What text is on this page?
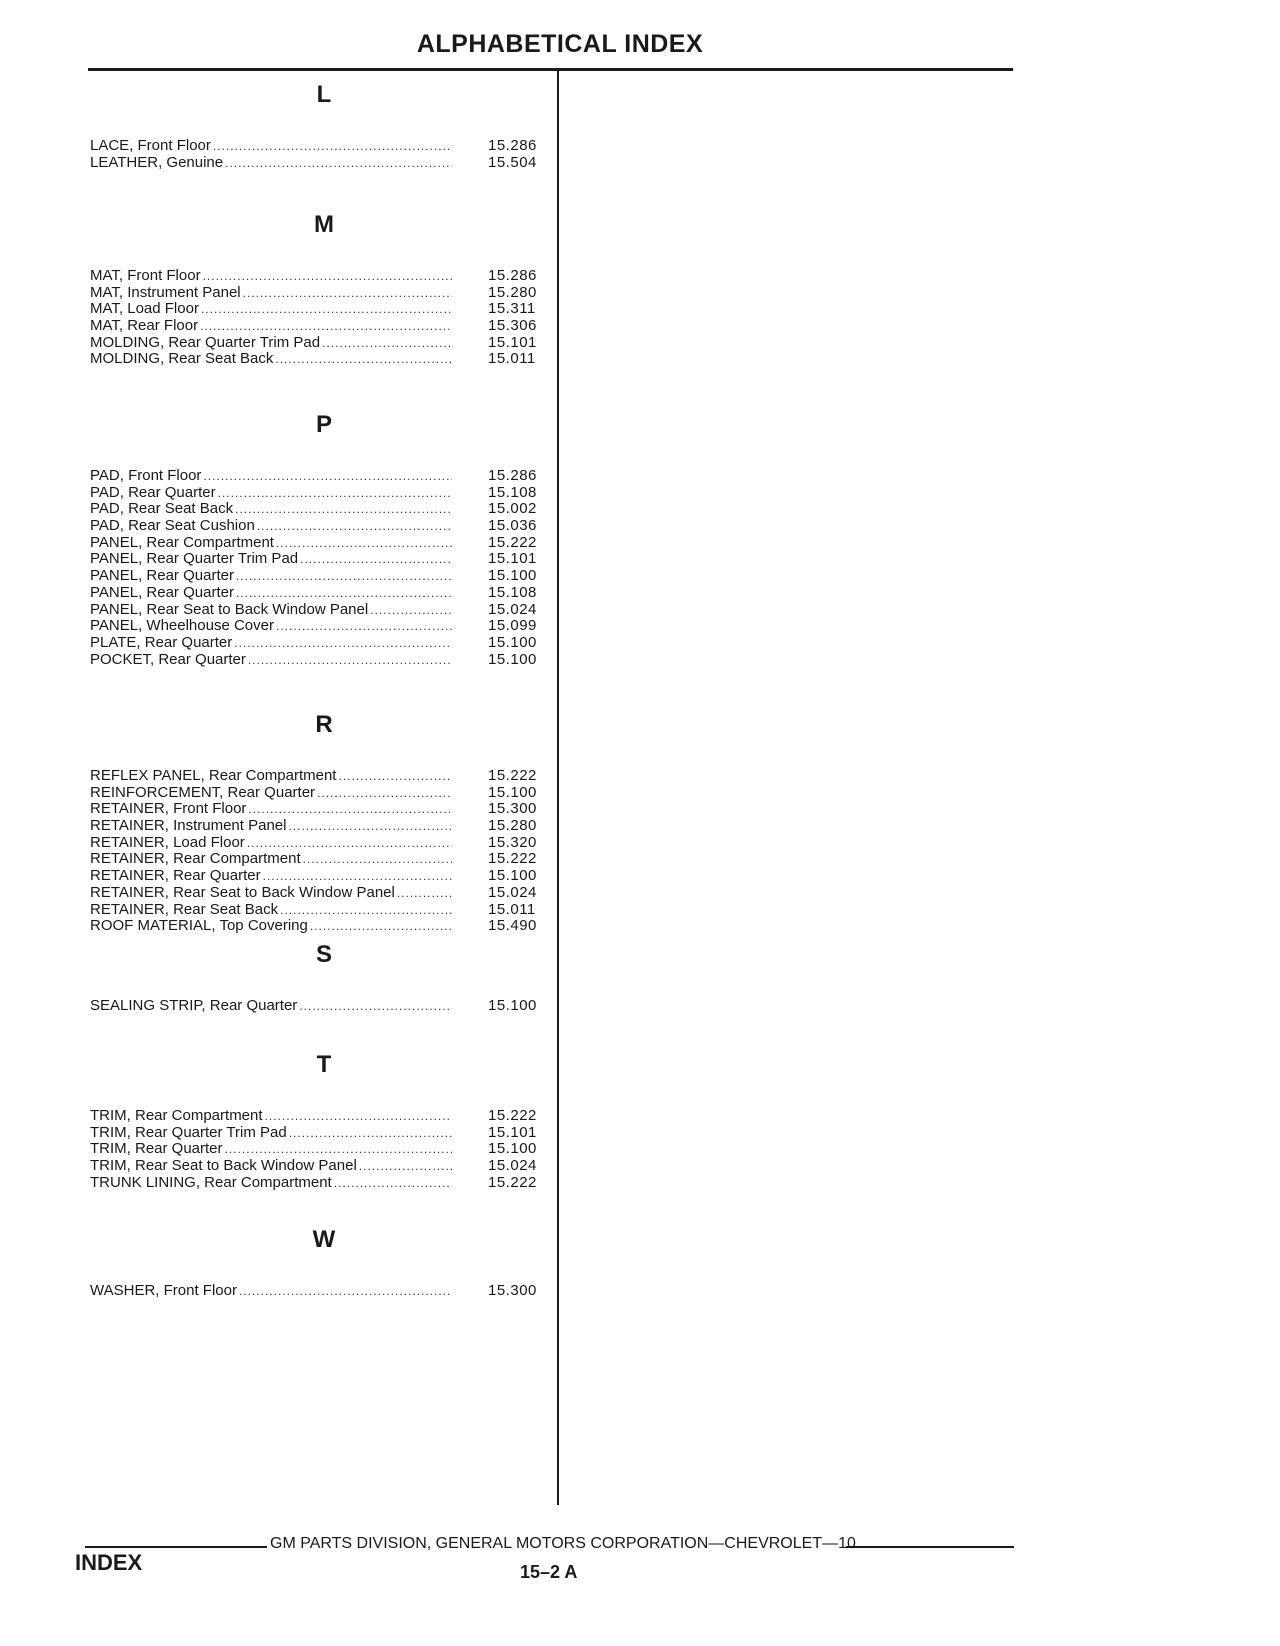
ALPHABETICAL INDEX
L
LACE, Front Floor .....	15.286
LEATHER, Genuine .....	15.504
M
MAT, Front Floor .....	15.286
MAT, Instrument Panel .....	15.280
MAT, Load Floor .....	15.311
MAT, Rear Floor .....	15.306
MOLDING, Rear Quarter Trim Pad .....	15.101
MOLDING, Rear Seat Back .....	15.011
P
PAD, Front Floor .....	15.286
PAD, Rear Quarter .....	15.108
PAD, Rear Seat Back .....	15.002
PAD, Rear Seat Cushion .....	15.036
PANEL, Rear Compartment .....	15.222
PANEL, Rear Quarter Trim Pad .....	15.101
PANEL, Rear Quarter .....	15.100
PANEL, Rear Quarter .....	15.108
PANEL, Rear Seat to Back Window Panel .....	15.024
PANEL, Wheelhouse Cover .....	15.099
PLATE, Rear Quarter .....	15.100
POCKET, Rear Quarter .....	15.100
R
REFLEX PANEL, Rear Compartment .....	15.222
REINFORCEMENT, Rear Quarter .....	15.100
RETAINER, Front Floor .....	15.300
RETAINER, Instrument Panel .....	15.280
RETAINER, Load Floor .....	15.320
RETAINER, Rear Compartment .....	15.222
RETAINER, Rear Quarter .....	15.100
RETAINER, Rear Seat to Back Window Panel .....	15.024
RETAINER, Rear Seat Back .....	15.011
ROOF MATERIAL, Top Covering .....	15.490
S
SEALING STRIP, Rear Quarter .....	15.100
T
TRIM, Rear Compartment .....	15.222
TRIM, Rear Quarter Trim Pad .....	15.101
TRIM, Rear Quarter .....	15.100
TRIM, Rear Seat to Back Window Panel .....	15.024
TRUNK LINING, Rear Compartment .....	15.222
W
WASHER, Front Floor .....	15.300
GM PARTS DIVISION, GENERAL MOTORS CORPORATION—CHEVROLET—10
INDEX	15–2 A
